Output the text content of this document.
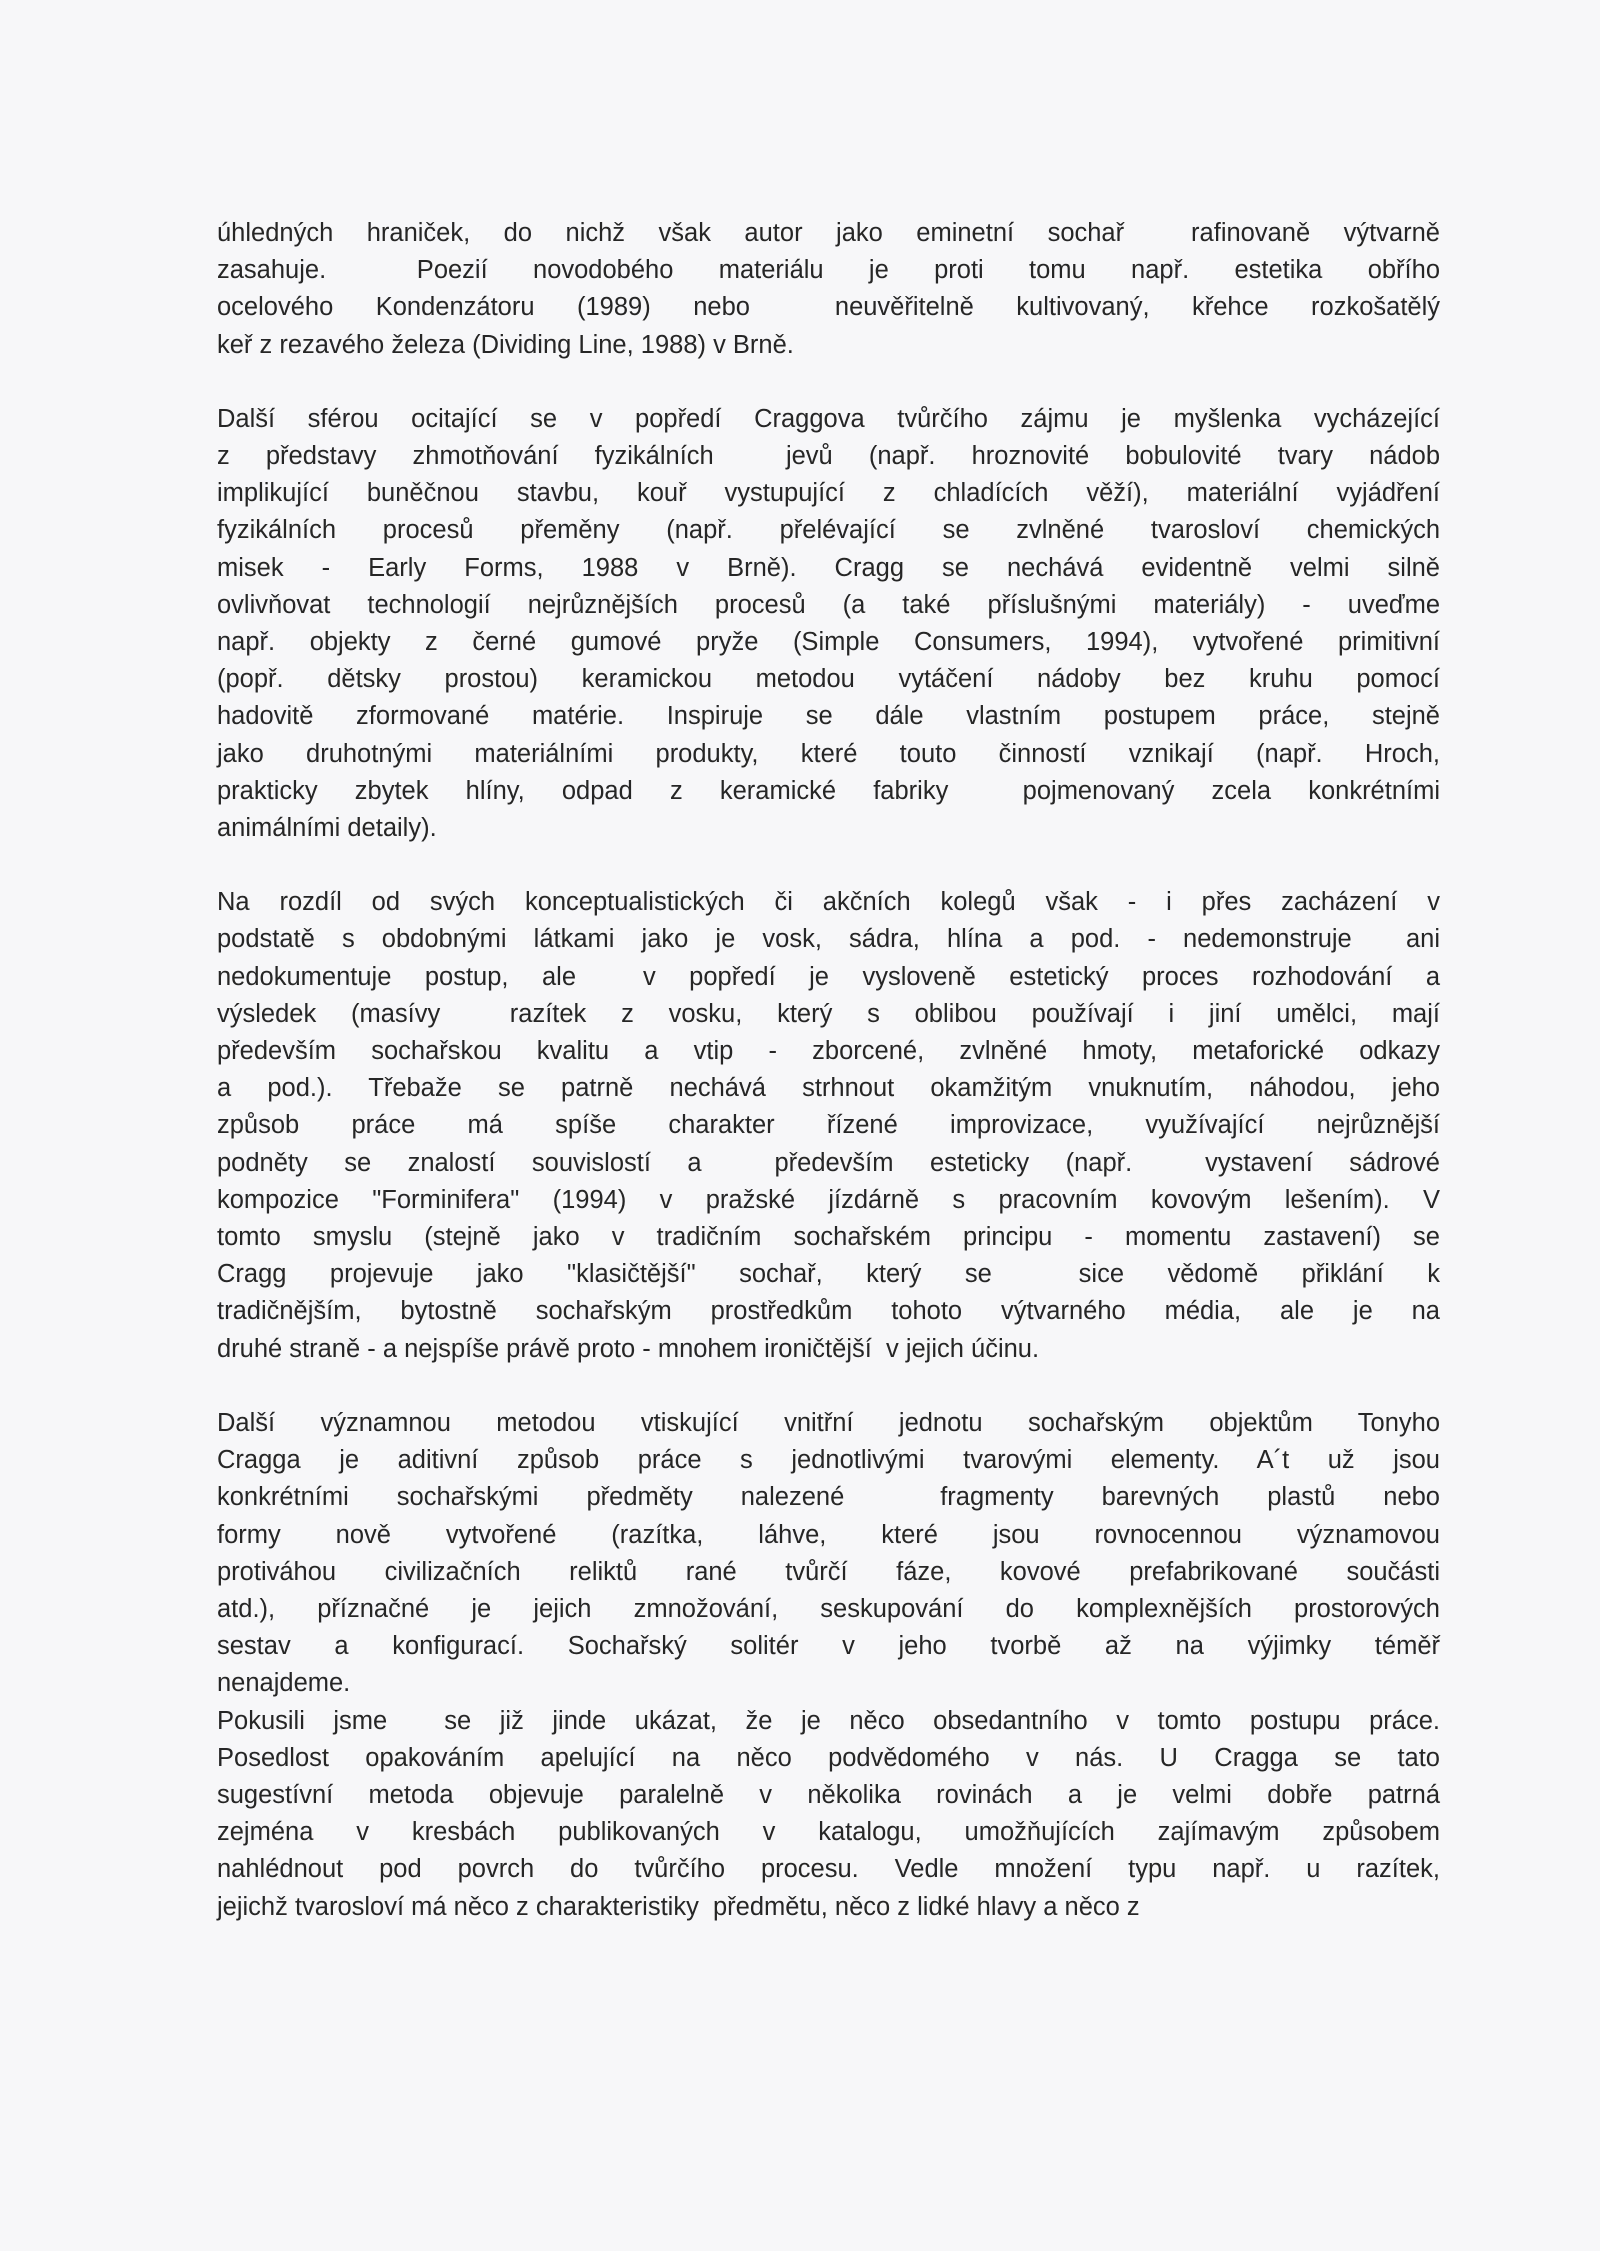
úhledných hraniček, do nichž však autor jako eminetní sochař  rafinovaně výtvarně
zasahuje.  Poezií novodobého materiálu je proti tomu např. estetika obřího
ocelového Kondenzátoru (1989) nebo  neuvěřitelně kultivovaný, křehce rozkošatělý
keř z rezavého železa (Dividing Line, 1988) v Brně.
Další sférou ocitající se v popředí Craggova tvůrčího zájmu je myšlenka vycházející
z představy zhmotňování fyzikálních  jevů (např. hroznovité bobulovité tvary nádob
implikující buněčnou stavbu, kouř vystupující z chladících věží), materiální vyjádření
fyzikálních procesů přeměny (např. přelévající se zvlněné tvarosloví chemických
misek - Early Forms, 1988 v Brně). Cragg se nechává evidentně velmi silně
ovlivňovat technologií nejrůznějších procesů (a také příslušnými materiály) - uveďme
např. objekty z černé gumové pryže (Simple Consumers, 1994), vytvořené primitivní
(popř. dětsky prostou) keramickou metodou vytáčení nádoby bez kruhu pomocí
hadovitě zformované matérie. Inspiruje se dále vlastním postupem práce, stejně
jako druhotnými materiálními produkty, které touto činností vznikají (např. Hroch,
prakticky zbytek hlíny, odpad z keramické fabriky  pojmenovaný zcela konkrétními
animálními detaily).
Na rozdíl od svých konceptualistických či akčních kolegů však - i přes zacházení v
podstatě s obdobnými látkami jako je vosk, sádra, hlína a pod. - nedemonstruje  ani
nedokumentuje postup, ale  v popředí je vysloveně estetický proces rozhodování a
výsledek (masívy  razítek z vosku, který s oblibou používají i jiní umělci, mají
především sochařskou kvalitu a vtip - zborcené, zvlněné hmoty, metaforické odkazy
a pod.). Třebaže se patrně nechává strhnout okamžitým vnuknutím, náhodou, jeho
způsob práce má spíše charakter řízené improvizace, využívající nejrůznější
podněty se znalostí souvislostí a  především esteticky (např.  vystavení sádrové
kompozice "Forminifera" (1994) v pražské jízdárně s pracovním kovovým lešením). V
tomto smyslu (stejně jako v tradičním sochařském principu - momentu zastavení) se
Cragg projevuje jako "klasičtější" sochař, který se  sice vědomě přiklání k
tradičnějším, bytostně sochařským prostředkům tohoto výtvarného média, ale je na
druhé straně - a nejspíše právě proto - mnohem ironičtější  v jejich účinu.
Další významnou metodou vtiskující vnitřní jednotu sochařským objektům Tonyho
Cragga je aditivní způsob práce s jednotlivými tvarovými elementy. A´t už jsou
konkrétními sochařskými předměty nalezené  fragmenty barevných plastů nebo
formy nově vytvořené (razítka, láhve, které jsou rovnocennou významovou
protiváhou civilizačních reliktů rané tvůrčí fáze, kovové prefabrikované součásti
atd.), příznačné je jejich zmnožování, seskupování do komplexnějších prostorových
sestav a konfigurací. Sochařský solitér v jeho tvorbě až na výjimky téměř
nenajdeme.
Pokusili jsme  se již jinde ukázat, že je něco obsedantního v tomto postupu práce.
Posedlost opakováním apelující na něco podvědomého v nás. U Cragga se tato
sugestívní metoda objevuje paralelně v několika rovinách a je velmi dobře patrná
zejména v kresbách publikovaných v katalogu, umožňujících zajímavým způsobem
nahlédnout pod povrch do tvůrčího procesu. Vedle množení typu např. u razítek,
jejichž tvarosloví má něco z charakteristiky  předmětu, něco z lidké hlavy a něco z
